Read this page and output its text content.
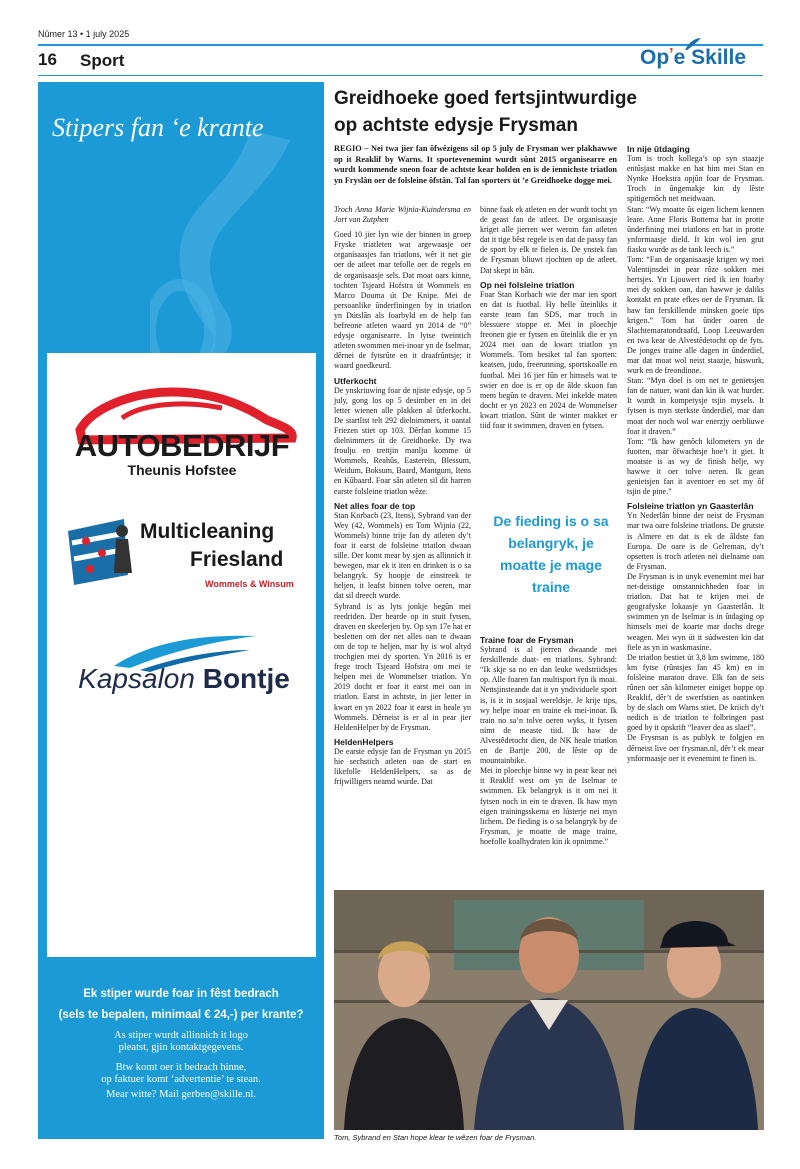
Nûmer 13 • 1 july 2025
16 Sport	Op’e Skille
Stipers fan ‘e krante
AUTOBEDRIJF
Theunis Hofstee
Multicleaning
Friesland
Wommels & Winsum
Kapsalon Bontje
Ek stiper wurde foar in fêst bedrach
(sels te bepalen, minimaal € 24,-) per krante?
As stiper wurdt allinnich it logo
pleatst, gjin kontaktgegevens.
Btw komt oer it bedrach hinne,
op faktuer komt ‘advertentie’ te stean.
Mear witte? Mail gerben@skille.nl.
Greidhoeke goed fertsjintwurdige
op achtste edysje Frysman
REGIO – Nei twa jier fan ôfwêzigens sil op 5 july de Frysman wer plakhawwe op it Reaklif by Warns. It sportevenemint wurdt sûnt 2015 organisearre en wurdt kommende sneon foar de achtste kear holden en is de iennichste triatlon yn Fryslân oer de folsleine ôfstân. Tal fan sporters út ’e Greidhoeke dogge mei.

Troch Anna Marie Wijnia-Kuindersma en Jort van Zutphen

Goed 10 jier lyn wie der binnen in groep Fryske triatleten wat argewaasje oer organisaasjes fan triatlons, wêr it net gie oer de atleet mar tefolle oer de regels en de organisaasje sels. Dat moat oars kinne, tochten Tsjeard Hofstra út Wommels en Marco Douma út De Knipe. Mei de persoanlike ûnderfiningen by in triatlon yn Dútslân als foarbyld en de help fan befreone atleten waard yn 2014 de “0” edysje organisearre. In lytse tweintich atleten swommen mei-inoar yn de Iselmar, dêrnei de fytsrûte en it draafrûntsje; it waard goedkeurd.

Utferkocht

De ynskriuwing foar de njiste edysje, op 5 july, gong los op 5 desimber en in dei letter wienen alle plakken al ûtferkocht. De startlist telt 292 dielnimmers, it oantal Friezen stiet op 103. Dêrfan komme 15 dielnimmers út de Greidhoeke. Dy twa froulju en trettjin manlju komme út Wommels, Reahûs, Easterein, Blessum, Weidum, Boksum, Baard, Mantgum, Itens en Kûbaard. Foar sân atleten sil dit harren earste folsleine triatlon wêze.

Net alles foar de top

Stan Korbach (23, Itens), Sybrand van der Wey (42, Wommels) en Tom Wijnia (22, Wommels) binne trije fan dy atleten dy’t foar it earst de folsleine triatlon dwaan sille. Der komt mear by sjen as allinnich it bewegen, mar ek it iten en drinken is o sa belangryk. Sy hoopje de einstreek te heljen, it leafst binnen tolve oeren, mar dat sil dreech wurde.

Sybrand is as lyts jonkje begûn mei reedriden. Der hearde op in stuit fytsen, draven en skeelerjen by. Op syn 17e hat er besletten om der net alles oan te dwaan om de top te heljen, mar hy is wol altyd trochgien mei dy sporten. Yn 2016 is er frege troch Tsjeard Hofstra om mei te helpen mei de Wommelser triatlon. Yn 2019 docht er foar it earst mei oan in triatlon. Earst in achtste, in jier letter in kwart en yn 2022 foar it earst in heale yn Wommels. Dêrneist is er al in pear jier HeldenHelper by de Frysman.

HeldenHelpers

De earste edysje fan de Frysman yn 2015 hie sechstich atleten oan de start en likefolle HeldenHelpers, sa as de frijwilligers neamd wurde. Dat

binne faak ek atleten en der wurdt tocht yn de geast fan de atleet. De organisaasje kriget alle jierren wer werom fan atleten dat it tige bêst regele is en dat de passy fan de sport by elk te fielen is. De ynstek fan de Frysman bliuwt rjochten op de atleet. Dat skept in bân.

Op nei folsleine triatlon

Foar Stan Korbach wie der mar ien sport en dat is fuotbal. Hy helle ûteinliks it earste team fan SDS, mar troch in blessuere stoppe er. Mei in ploechje freonen gie er fytsen en ûteinlik die er yn 2024 mei oan de kwart triatlon yn Wommels. Tom besiket tal fan sporten: keatsen, judo, freerunning, sportskoalle en fuotbal. Mei 16 jier fûn er himsels wat te swier en doe is er op de âlde skuon fan mem begûn te draven. Mei inkelde maten docht er yn 2023 en 2024 de Wommelser kwart triatlon. Sûnt de winter makket er tiid foar it swimmen, draven en fytsen.

De fieding is o sa belangryk, je moatte je mage traine

Traine foar de Frysman

Sybrand is al jierren dwaande mei ferskillende duat- en triatlons. Sybrand: “Ik skje sa no en dan leuke wedstriidsjes op. Alle foaren fan multisport fyn ik moai. Nettsjinsteande dat it yn yndividuele sport is, is it in sosjaal wereldsje. Je krije tips, wy helpe inoar en traine ek mei-inoar. Ik train no sa’n tolve oeren wyks, it fytsen nimt de measte tiid. Ik haw de Alvestêdetocht dien, de NK heale triatlon en de Bartje 200, de lêste op de mountainbike.

Mei in ploechje binne wy in pear kear nei it Reaklif west om yn de Iselmar te swimmen. Ek belangryk is it om nei it fytsen noch in ein te draven. Ik haw myn eigen trainingsskema en lústerje nei myn lichem. De fieding is o sa belangryk by de Frysman, je moatte de mage traine, hoefolle koalhydraten kin ik opnimme.”

In nije ûtdaging

Tom is troch kollega’s op syn staazje entûsjast makke en hat him mei Stan en Nynke Hoekstra opjûn foar de Frysman. Troch in ûngemakje kin dy lêste spitigernôch net meidwaan.

Stan: “Wy moatte ûs eigen lichem kennen leare. Anne Floris Bottema hat in protte ûnderfining mei triatlons en hat in protte ynformaasje dield. It kin wol ien grut fiasko wurde as de tank leech is.”

Tom: “Fan de organisaasje krigen wy mei Valentijnsdei in pear rôze sokken mei hertsjes. Yn Ljouwert ried ik ien foarby mei dy sokken oan, dan hawwe je daliks kontakt en prate efkes oer de Frysman. Ik haw fan ferskillende minsken goeie tips krigen.” Tom hat ûnder oaren de Slachtemaratondraafd, Loop Leeuwarden en twa kear de Alvestêdetocht op de fyts. De jonges traine alle dagen in ûnderdiel, mar dat moat wol neist staazje, húswurk, wurk en de freondinne.

Stan: “Myn doel is om net te genietsjen fan de natuer, want dan kin ik wat hurder. It wurdt in kompetysje tsjin mysels. It fytsen is myn sterkste ûnderdiel, mar dan moat der noch wol war enerzjy oerbliuwe foar it draven.”

Tom: “Ik haw genôch kilometers yn de fuotten, mar ôfwachtsje hoe’t it giet. It moatste is as wy de finish helje, wy hawwe it oer tolve oeren. Ik gean genietsjen fan it aventoer en set my ôf tsjin de pine.”

Folsleine triatlon yn Gaasterlân

Yn Nederlân binne der neist de Frysman mar twa oare folsleine triatlons. De grutste is Almere en dat is ek de âldste fan Europa. De oare is de Gelreman, dy’t opsetten is troch atleten nei dielname oan de Frysman.

De Frysman is in unyk evenemint mei har net-deistige omstannichheden foar in triatlon. Dat hat te krijen mei de geografyske lokaasje yn Gaasterlân. It swimmen yn de Iselmar is in ûtdaging op himsels mei de koarte mar dochs drege weagen. Mei wyn út it súdwesten kin dat fiele as yn in waskmasine.

De triatlon bestiet út 3,8 km swimme, 180 km fytse (rûntsjes fan 45 km) en in folsleine maraton drave. Elk fan de seis rûnen oer sân kilometer einiget boppe op Reaklif, dêr’t de swerfstien as oantinken by de slach om Warns stiet. De kriich dy’t nedich is de triatlon te folbringen past goed by it opskrift “leaver dea as slaef”.

De Frysman is as publyk te folgjen en dêrneist live oer frysman.nl, dêr’t ek mear ynformaasje oer it evenemint te finen is.

Tom, Sybrand en Stan hope klear te wêzen foar de Frysman.
